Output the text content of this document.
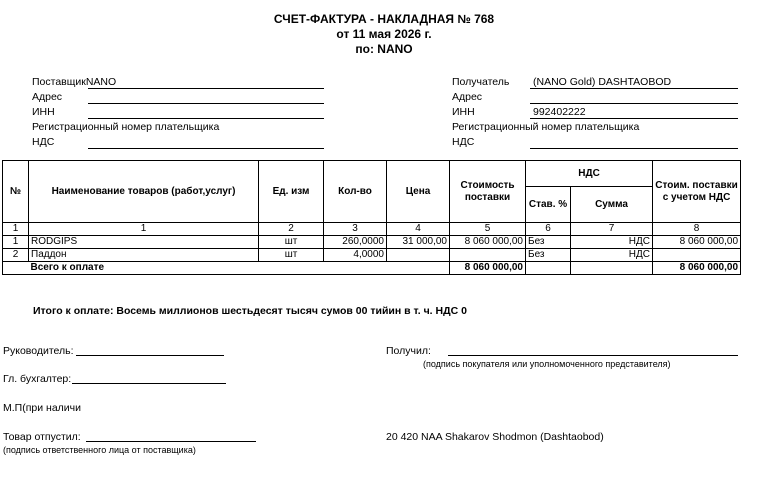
СЧЕТ-ФАКТУРА - НАКЛАДНАЯ № 768
от 11 мая 2026 г.
по: NANO
ПоставщикNANO
Адрес
ИНН
Регистрационный номер плательщика
НДС
Получатель (NANO Gold) DASHTAOBOD
Адрес
ИНН	992402222
Регистрационный номер плательщика
НДС
№	Наименование товаров (работ,услуг)	Ед. изм	Кол-во	Цена	Стоимость поставки	НДС		Стоим. поставки с учетом НДС
						Став. %	Сумма	
1	1	2	3	4	5	6	7	8
1	RODGIPS	шт	260,0000	31 000,00	8 060 000,00	Без	НДС	8 060 000,00
2	Паддон	шт	4,0000			Без	НДС	
	Всего к оплате				8 060 000,00			8 060 000,00
Итого к оплате: Восемь миллионов шестьдесят тысяч сумов 00 тийин в т. ч. НДС 0
Руководитель:
Гл. бухгалтер:
М.П(при наличи
Товар отпустил:
(подпись ответственного лица от поставщика)
Получил:
(подпись покупателя или уполномоченного представителя)
20 420 NAA Shakarov Shodmon (Dashtaobod)
